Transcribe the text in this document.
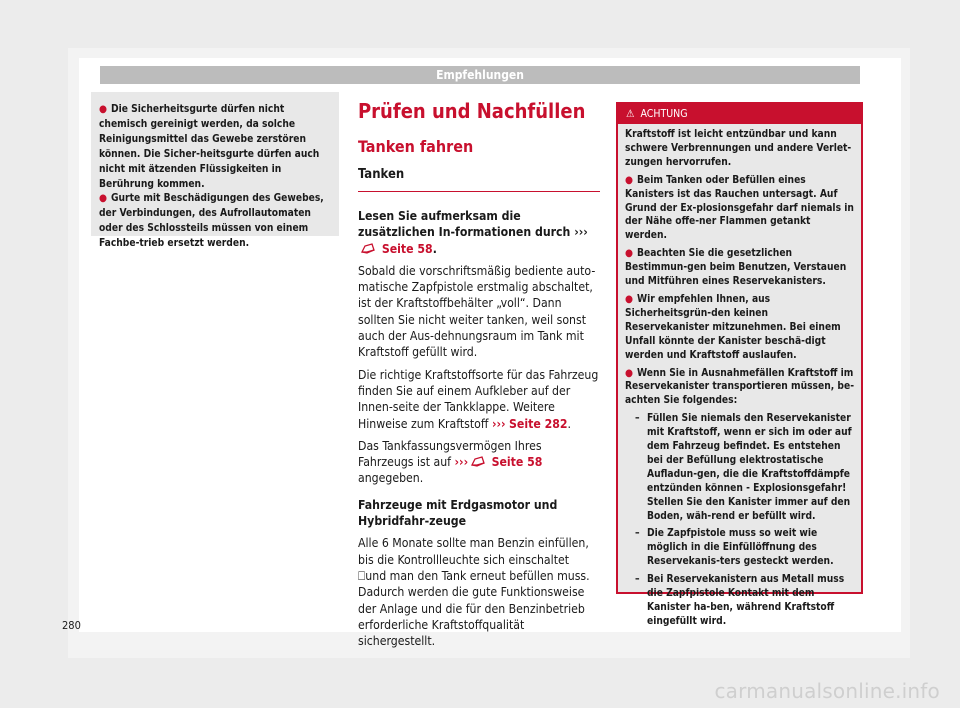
Empfehlungen

● Die Sicherheitsgurte dürfen nicht chemisch gereinigt werden, da solche Reinigungsmittel das Gewebe zerstören können. Die Sicher-heitsgurte dürfen auch nicht mit ätzenden Flüssigkeiten in Berührung kommen.

● Gurte mit Beschädigungen des Gewebes, der Verbindungen, des Aufrollautomaten oder des Schlossteils müssen von einem Fachbe-trieb ersetzt werden.

Prüfen und Nachfüllen

Tanken fahren

Tanken

Lesen Sie aufmerksam die zusätzlichen In-formationen durch ››› Seite 58.

Sobald die vorschriftsmäßig bediente auto-matische Zapfpistole erstmalig abschaltet, ist der Kraftstoffbehälter „voll“. Dann sollten Sie nicht weiter tanken, weil sonst auch der Aus-dehnungsraum im Tank mit Kraftstoff gefüllt wird.

Die richtige Kraftstoffsorte für das Fahrzeug finden Sie auf einem Aufkleber auf der Innen-seite der Tankklappe. Weitere Hinweise zum Kraftstoff ››› Seite 282.

Das Tankfassungsvermögen Ihres Fahrzeugs ist auf ››› Seite 58 angegeben.

Fahrzeuge mit Erdgasmotor und Hybridfahr-zeuge

Alle 6 Monate sollte man Benzin einfüllen, bis die Kontrollleuchte sich einschaltet ⎕und man den Tank erneut befüllen muss. Dadurch werden die gute Funktionsweise der Anlage und die für den Benzinbetrieb erforderliche Kraftstoffqualität sichergestellt.

⚠ ACHTUNG

Kraftstoff ist leicht entzündbar und kann schwere Verbrennungen und andere Verlet-zungen hervorrufen.

● Beim Tanken oder Befüllen eines Kanisters ist das Rauchen untersagt. Auf Grund der Ex-plosionsgefahr darf niemals in der Nähe offe-ner Flammen getankt werden.

● Beachten Sie die gesetzlichen Bestimmun-gen beim Benutzen, Verstauen und Mitführen eines Reservekanisters.

● Wir empfehlen Ihnen, aus Sicherheitsgrün-den keinen Reservekanister mitzunehmen. Bei einem Unfall könnte der Kanister beschä-digt werden und Kraftstoff auslaufen.

● Wenn Sie in Ausnahmefällen Kraftstoff im Reservekanister transportieren müssen, be-achten Sie folgendes:

– Füllen Sie niemals den Reservekanister mit Kraftstoff, wenn er sich im oder auf dem Fahrzeug befindet. Es entstehen bei der Befüllung elektrostatische Aufladun-gen, die die Kraftstoffdämpfe entzünden können - Explosionsgefahr! Stellen Sie den Kanister immer auf den Boden, wäh-rend er befüllt wird.
– Die Zapfpistole muss so weit wie möglich in die Einfüllöffnung des Reservekanis-ters gesteckt werden.
– Bei Reservekanistern aus Metall muss die Zapfpistole Kontakt mit dem Kanister ha-ben, während Kraftstoff eingefüllt wird.
280
carmanualsonline.info
